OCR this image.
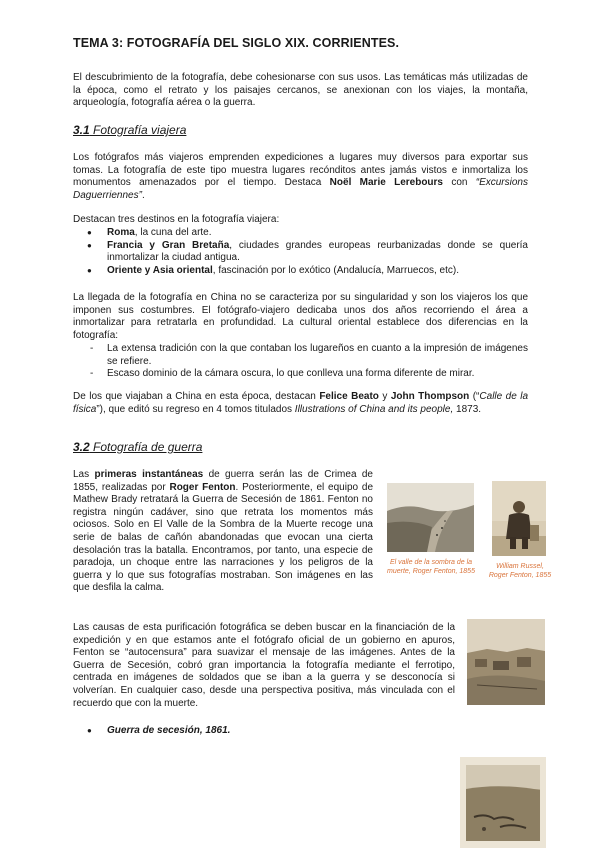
TEMA 3: FOTOGRAFÍA DEL SIGLO XIX. CORRIENTES.

El descubrimiento de la fotografía, debe cohesionarse con sus usos. Las temáticas más utilizadas de la época, como el retrato y los paisajes cercanos, se anexionan con los viajes, la montaña, arqueología, fotografía aérea o la guerra.

3.1 Fotografía viajera

Los fotógrafos más viajeros emprenden expediciones a lugares muy diversos para exportar sus tomas. La fotografía de este tipo muestra lugares recónditos antes jamás vistos e inmortaliza los monumentos amenazados por el tiempo. Destaca Noël Marie Lerebours con “Excursions Daguerriennes”.

Destacan tres destinos en la fotografía viajera:

● Roma, la cuna del arte.
● Francia y Gran Bretaña, ciudades grandes europeas reurbanizadas donde se quería inmortalizar la ciudad antigua.
● Oriente y Asia oriental, fascinación por lo exótico (Andalucía, Marruecos, etc).

La llegada de la fotografía en China no se caracteriza por su singularidad y son los viajeros los que imponen sus costumbres. El fotógrafo-viajero dedicaba unos dos años recorriendo el área a inmortalizar para retratarla en profundidad. La cultural oriental establece dos diferencias en la fotografía:

- La extensa tradición con la que contaban los lugareños en cuanto a la impresión de imágenes se refiere.
- Escaso dominio de la cámara oscura, lo que conlleva una forma diferente de mirar.

De los que viajaban a China en esta época, destacan Felice Beato y John Thompson (“Calle de la física”), que editó su regreso en 4 tomos titulados Illustrations of China and its people, 1873.

3.2 Fotografía de guerra

Las primeras instantáneas de guerra serán las de Crimea de 1855, realizadas por Roger Fenton. Posteriormente, el equipo de Mathew Brady retratará la Guerra de Secesión de 1861. Fenton no registra ningún cadáver, sino que retrata los momentos más ociosos. Solo en El Valle de la Sombra de la Muerte recoge una serie de balas de cañón abandonadas que evocan una cierta desolación tras la batalla. Encontramos, por tanto, una especie de paradoja, un choque entre las narraciones y los peligros de la guerra y lo que sus fotografías mostraban. Son imágenes en las que desfila la calma.

El valle de la sombra de la muerte, Roger Fenton, 1855
William Russel, Roger Fenton, 1855

Las causas de esta purificación fotográfica se deben buscar en la financiación de la expedición y en que estamos ante el fotógrafo oficial de un gobierno en apuros, Fenton se “autocensura” para suavizar el mensaje de las imágenes. Antes de la Guerra de Secesión, cobró gran importancia la fotografía mediante el ferrotipo, centrada en imágenes de soldados que se iban a la guerra y se desconocía si volverían. En cualquier caso, desde una perspectiva positiva, más vinculada con el recuerdo que con la muerte.

● Guerra de secesión, 1861.
